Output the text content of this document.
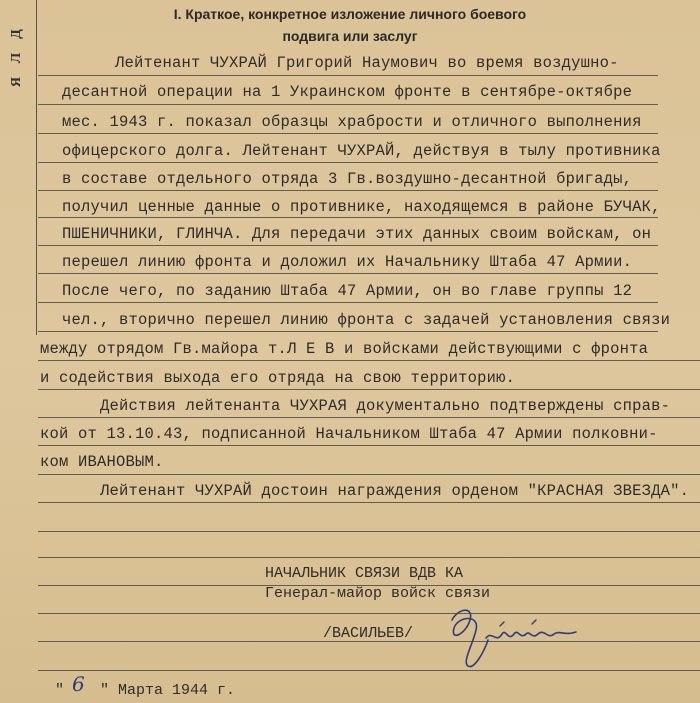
Д
Л
Я
I. Краткое, конкретное изложение личного боевого
подвига или заслуг
Лейтенант ЧУХРАЙ Григорий Наумович во время воздушно-
десантной операции на 1 Украинском фронте в сентябре-октябре
мес. 1943 г. показал образцы храбрости и отличного выполнения
офицерского долга. Лейтенант ЧУХРАЙ, действуя в тылу противника
в составе отдельного отряда 3 Гв.воздушно-десантной бригады,
получил ценные данные о противнике, находящемся в районе БУЧАК,
ПШЕНИЧНИКИ, ГЛИНЧА. Для передачи этих данных своим войскам, он
перешел линию фронта и доложил их Начальнику Штаба 47 Армии.
После чего, по заданию Штаба 47 Армии, он во главе группы 12
чел., вторично перешел линию фронта с задачей установления связи
между отрядом Гв.майора т.Л Е В и войсками действующими с фронта
и содействия выхода его отряда на свою территорию.
Действия лейтенанта ЧУХРАЯ документально подтверждены справ-
кой от 13.10.43, подписанной Начальником Штаба 47 Армии полковни-
ком ИВАНОВЫМ.
Лейтенант ЧУХРАЙ достоин награждения орденом "КРАСНАЯ ЗВЕЗДА".
НАЧАЛЬНИК СВЯЗИ ВДВ КА
Генерал-майор войск связи
/ВАСИЛЬЕВ/
" 6 " Марта 1944 г.
